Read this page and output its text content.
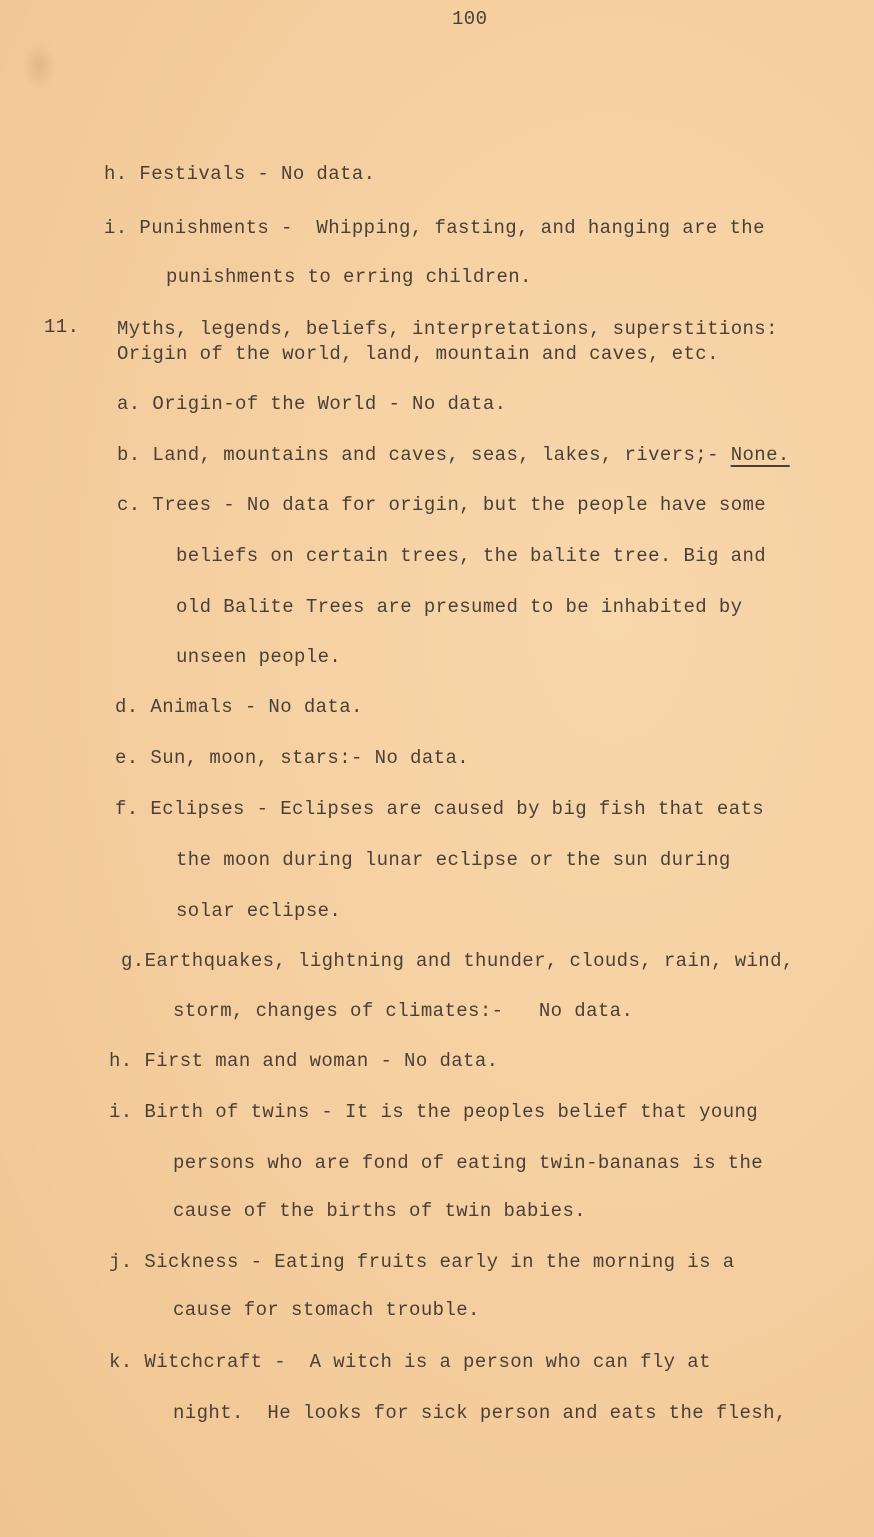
100
h. Festivals - No data.
i. Punishments -  Whipping, fasting, and hanging are the
punishments to erring children.
11. Myths, legends, beliefs, interpretations, superstitions:
Origin of the world, land, mountain and caves, etc.
a. Origin-of the World - No data.
b. Land, mountains and caves, seas, lakes, rivers;- None.
c. Trees - No data for origin, but the people have some
beliefs on certain trees, the balite tree. Big and
old Balite Trees are presumed to be inhabited by
unseen people.
d. Animals - No data.
e. Sun, moon, stars:- No data.
f. Eclipses - Eclipses are caused by big fish that eats
the moon during lunar eclipse or the sun during
solar eclipse.
g.Earthquakes, lightning and thunder, clouds, rain, wind,
storm, changes of climates:-   No data.
h. First man and woman - No data.
i. Birth of twins - It is the peoples belief that young
persons who are fond of eating twin-bananas is the
cause of the births of twin babies.
j. Sickness - Eating fruits early in the morning is a
cause for stomach trouble.
k. Witchcraft -  A witch is a person who can fly at
night.  He looks for sick person and eats the flesh,
